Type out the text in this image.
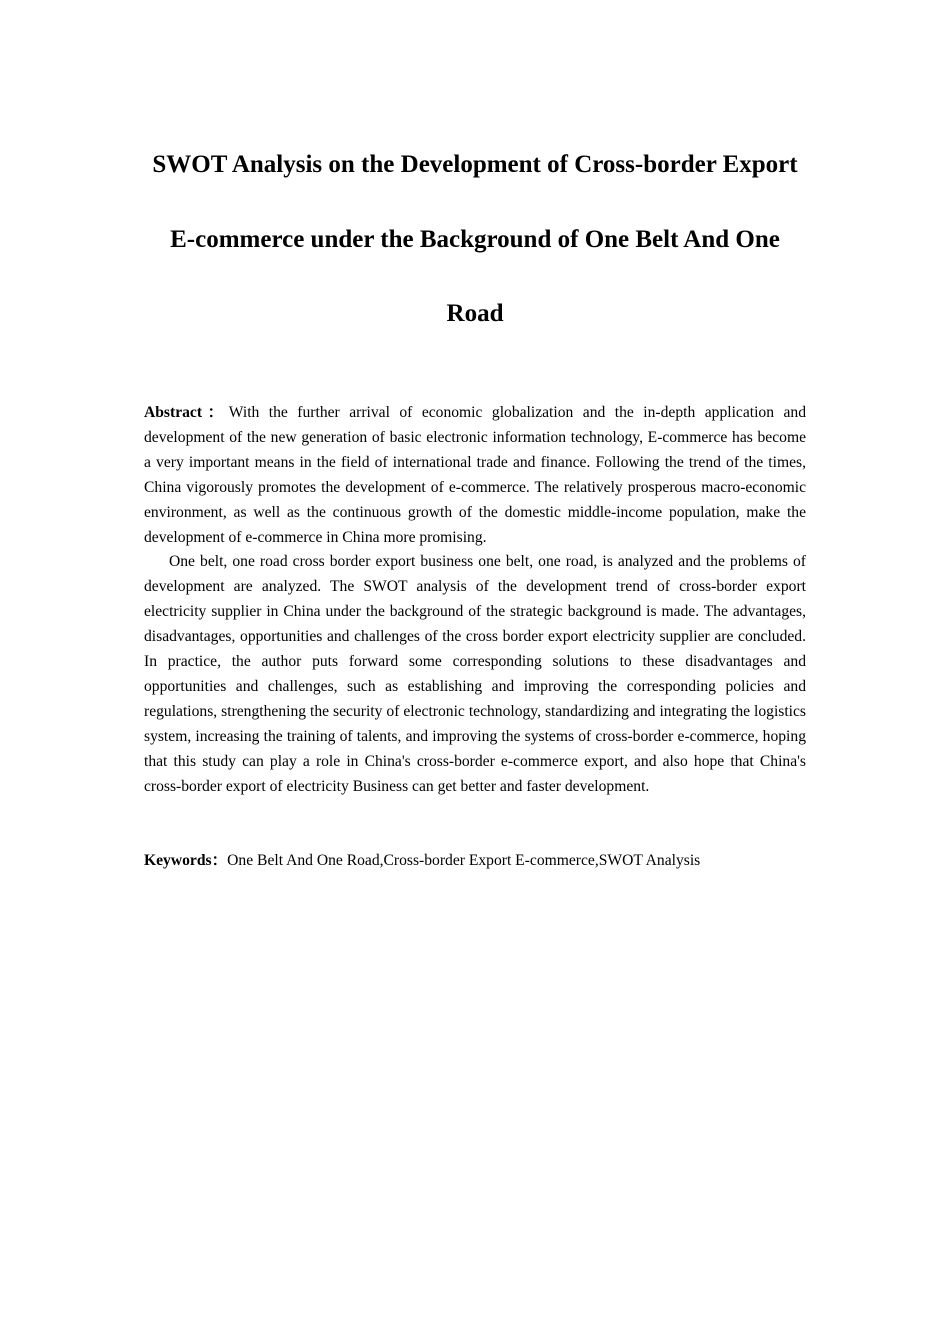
SWOT Analysis on the Development of Cross-border Export
E-commerce under the Background of One Belt And One
Road

Abstract：With the further arrival of economic globalization and the in-depth application and development of the new generation of basic electronic information technology, E-commerce has become a very important means in the field of international trade and finance. Following the trend of the times, China vigorously promotes the development of e-commerce. The relatively prosperous macro-economic environment, as well as the continuous growth of the domestic middle-income population, make the development of e-commerce in China more promising.

One belt, one road cross border export business one belt, one road, is analyzed and the problems of development are analyzed. The SWOT analysis of the development trend of cross-border export electricity supplier in China under the background of the strategic background is made. The advantages, disadvantages, opportunities and challenges of the cross border export electricity supplier are concluded. In practice, the author puts forward some corresponding solutions to these disadvantages and opportunities and challenges, such as establishing and improving the corresponding policies and regulations, strengthening the security of electronic technology, standardizing and integrating the logistics system, increasing the training of talents, and improving the systems of cross-border e-commerce, hoping that this study can play a role in China's cross-border e-commerce export, and also hope that China's cross-border export of electricity Business can get better and faster development.

Keywords：One Belt And One Road,Cross-border Export E-commerce,SWOT Analysis
